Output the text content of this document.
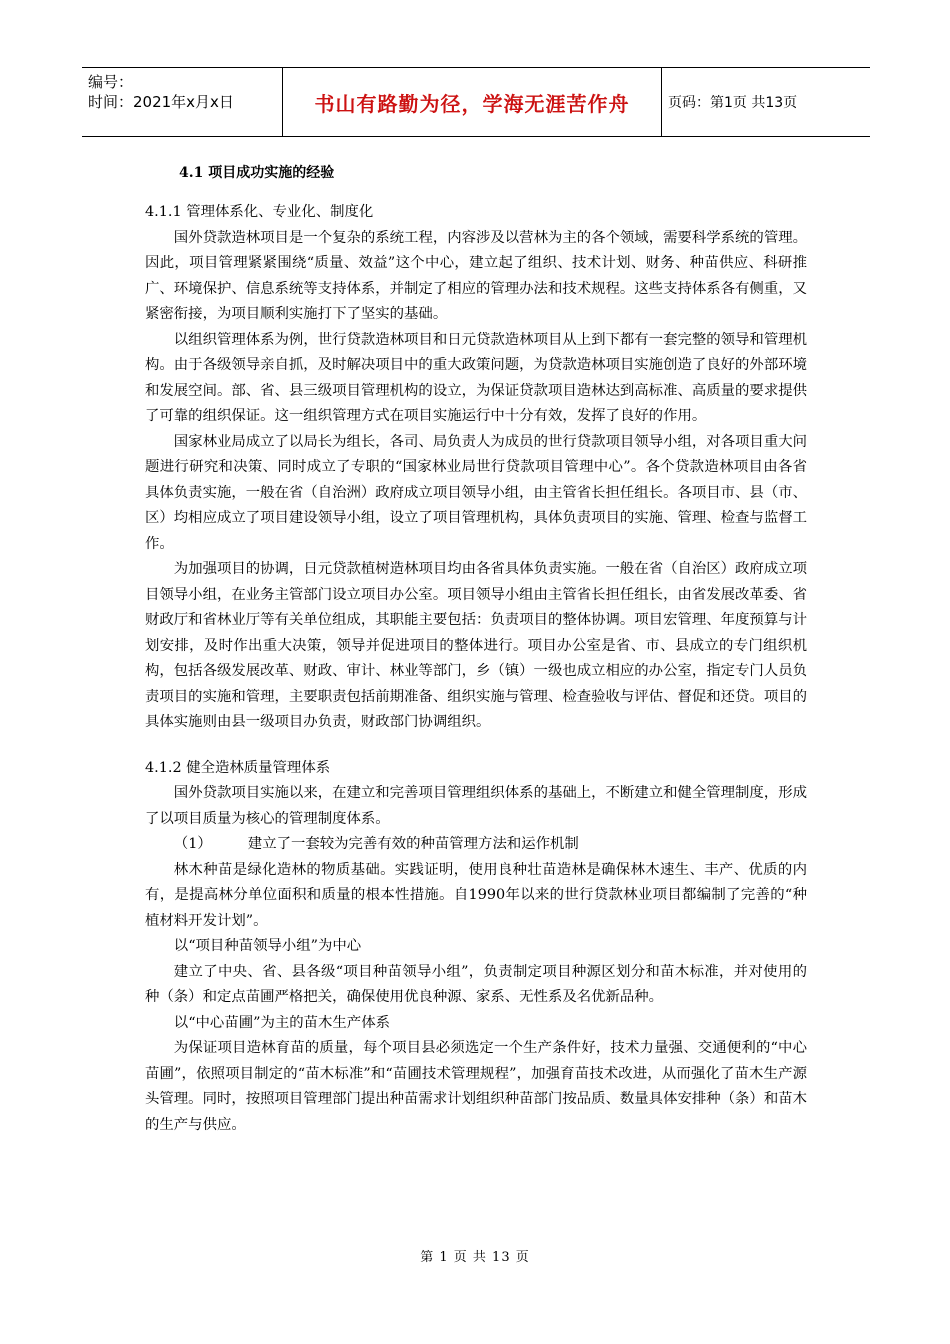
编号：
时间：2021年x月x日	书山有路勤为径，学海无涯苦作舟	页码：第1页 共13页
4.1 项目成功实施的经验
4.1.1 管理体系化、专业化、制度化

国外贷款造林项目是一个复杂的系统工程，内容涉及以营林为主的各个领域，需要科学系统的管理。因此，项目管理紧紧围绕“质量、效益”这个中心，建立起了组织、技术计划、财务、种苗供应、科研推广、环境保护、信息系统等支持体系，并制定了相应的管理办法和技术规程。这些支持体系各有侧重，又紧密衔接，为项目顺利实施打下了坚实的基础。

以组织管理体系为例，世行贷款造林项目和日元贷款造林项目从上到下都有一套完整的领导和管理机构。由于各级领导亲自抓，及时解决项目中的重大政策问题，为贷款造林项目实施创造了良好的外部环境和发展空间。部、省、县三级项目管理机构的设立，为保证贷款项目造林达到高标准、高质量的要求提供了可靠的组织保证。这一组织管理方式在项目实施运行中十分有效，发挥了良好的作用。

国家林业局成立了以局长为组长，各司、局负责人为成员的世行贷款项目领导小组，对各项目重大问题进行研究和决策、同时成立了专职的“国家林业局世行贷款项目管理中心”。各个贷款造林项目由各省具体负责实施，一般在省（自治洲）政府成立项目领导小组，由主管省长担任组长。各项目市、县（市、区）均相应成立了项目建设领导小组，设立了项目管理机构，具体负责项目的实施、管理、检查与监督工作。

为加强项目的协调，日元贷款植树造林项目均由各省具体负责实施。一般在省（自治区）政府成立项目领导小组，在业务主管部门设立项目办公室。项目领导小组由主管省长担任组长，由省发展改革委、省财政厅和省林业厅等有关单位组成，其职能主要包括：负责项目的整体协调。项目宏管理、年度预算与计划安排，及时作出重大决策，领导并促进项目的整体进行。项目办公室是省、市、县成立的专门组织机构，包括各级发展改革、财政、审计、林业等部门，乡（镇）一级也成立相应的办公室，指定专门人员负责项目的实施和管理，主要职责包括前期准备、组织实施与管理、检查验收与评估、督促和还贷。项目的具体实施则由县一级项目办负责，财政部门协调组织。

4.1.2 健全造林质量管理体系

国外贷款项目实施以来，在建立和完善项目管理组织体系的基础上，不断建立和健全管理制度，形成了以项目质量为核心的管理制度体系。

（1）	建立了一套较为完善有效的种苗管理方法和运作机制

林木种苗是绿化造林的物质基础。实践证明，使用良种壮苗造林是确保林木速生、丰产、优质的内有，是提高林分单位面积和质量的根本性措施。自1990年以来的世行贷款林业项目都编制了完善的“种植材料开发计划”。

以“项目种苗领导小组”为中心

建立了中央、省、县各级“项目种苗领导小组”，负责制定项目种源区划分和苗木标准，并对使用的种（条）和定点苗圃严格把关，确保使用优良种源、家系、无性系及名优新品种。

以“中心苗圃”为主的苗木生产体系

为保证项目造林育苗的质量，每个项目县必须选定一个生产条件好，技术力量强、交通便利的“中心苗圃”，依照项目制定的“苗木标准”和“苗圃技术管理规程”，加强育苗技术改进，从而强化了苗木生产源头管理。同时，按照项目管理部门提出种苗需求计划组织种苗部门按品质、数量具体安排种（条）和苗木的生产与供应。

第 1 页 共 13 页
